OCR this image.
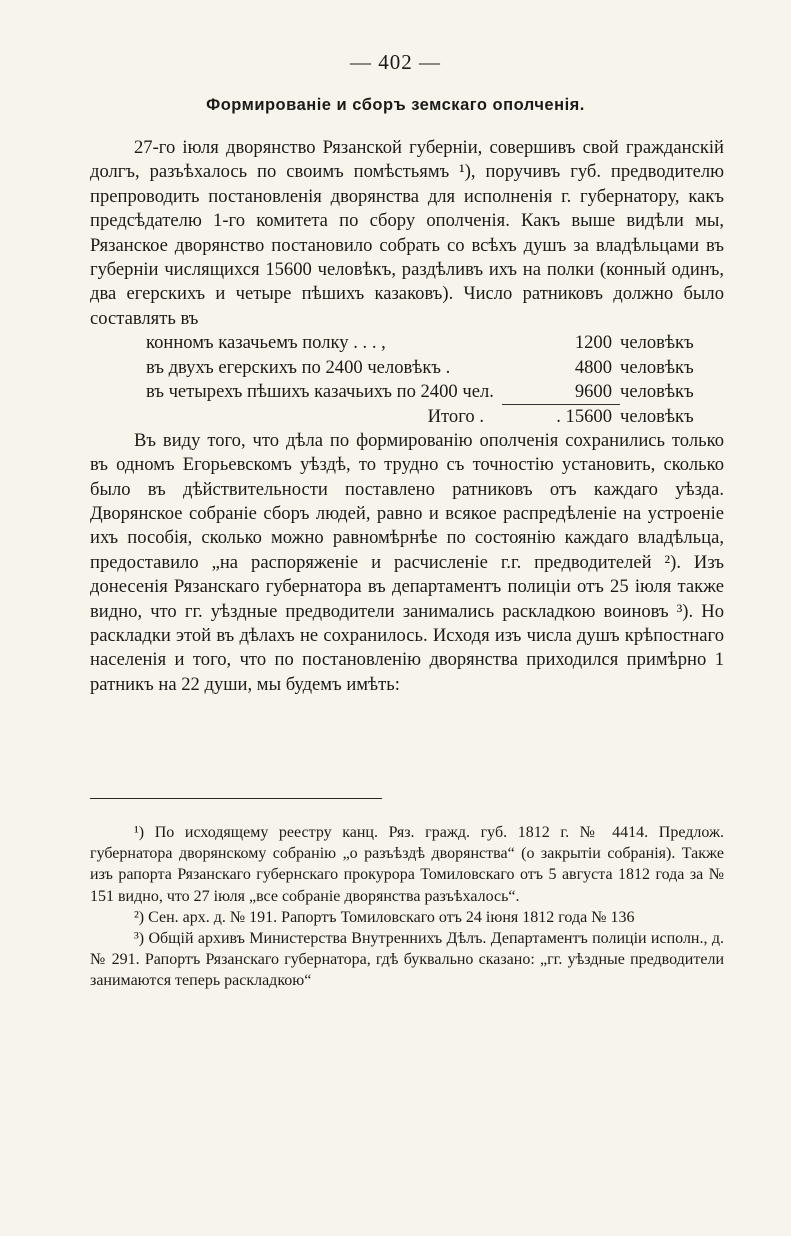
— 402 —
Формированіе и сборъ земскаго ополченія.

27-го іюля дворянство Рязанской губерніи, совершивъ свой гражданскій долгъ, разъѣхалось по своимъ помѣстьямъ ¹), поручивъ губ. предводителю препроводить постановленія дворянства для исполненія г. губернатору, какъ предсѣдателю 1-го комитета по сбору ополченія. Какъ выше видѣли мы, Рязанское дворянство постановило собрать со всѣхъ душъ за владѣльцами въ губерніи числящихся 15600 человѣкъ, раздѣливъ ихъ на полки (конный одинъ, два егерскихъ и четыре пѣшихъ казаковъ). Число ратниковъ должно было составлять въ

конномъ казачьемъ полку . . . ,	1200 человѣкъ
въ двухъ егерскихъ по 2400 человѣкъ .	4800 человѣкъ
въ четырехъ пѣшихъ казачьихъ по 2400 чел.	9600 человѣкъ
Итого .	. 15600 человѣкъ

Въ виду того, что дѣла по формированію ополченія сохранились только въ одномъ Егорьевскомъ уѣздѣ, то трудно съ точностію установить, сколько было въ дѣйствительности поставлено ратниковъ отъ каждаго уѣзда. Дворянское собраніе сборъ людей, равно и всякое распредѣленіе на устроеніе ихъ пособія, сколько можно равномѣрнѣе по состоянію каждаго владѣльца, предоставило „на распоряженіе и расчисленіе г.г. предводителей ²). Изъ донесенія Рязанскаго губернатора въ департаментъ полиціи отъ 25 іюля также видно, что гг. уѣздные предводители занимались раскладкою воиновъ ³). Но раскладки этой въ дѣлахъ не сохранилось. Исходя изъ числа душъ крѣпостнаго населенія и того, что по постановленію дворянства приходился примѣрно 1 ратникъ на 22 души, мы будемъ имѣть:

¹) По исходящему реестру канц. Ряз. гражд. губ. 1812 г. № 4414. Предлож. губернатора дворянскому собранію „о разъѣздѣ дворянства“ (о закрытіи собранія). Также изъ рапорта Рязанскаго губернскаго прокурора Томиловскаго отъ 5 августа 1812 года за № 151 видно, что 27 іюля „все собраніе дворянства разъѣхалось“.

²) Сен. арх. д. № 191. Рапортъ Томиловскаго отъ 24 іюня 1812 года № 136

³) Общій архивъ Министерства Внутреннихъ Дѣлъ. Департаментъ полиціи исполн., д. № 291. Рапортъ Рязанскаго губернатора, гдѣ буквально сказано: „гг. уѣздные предводители занимаются теперь раскладкою“
